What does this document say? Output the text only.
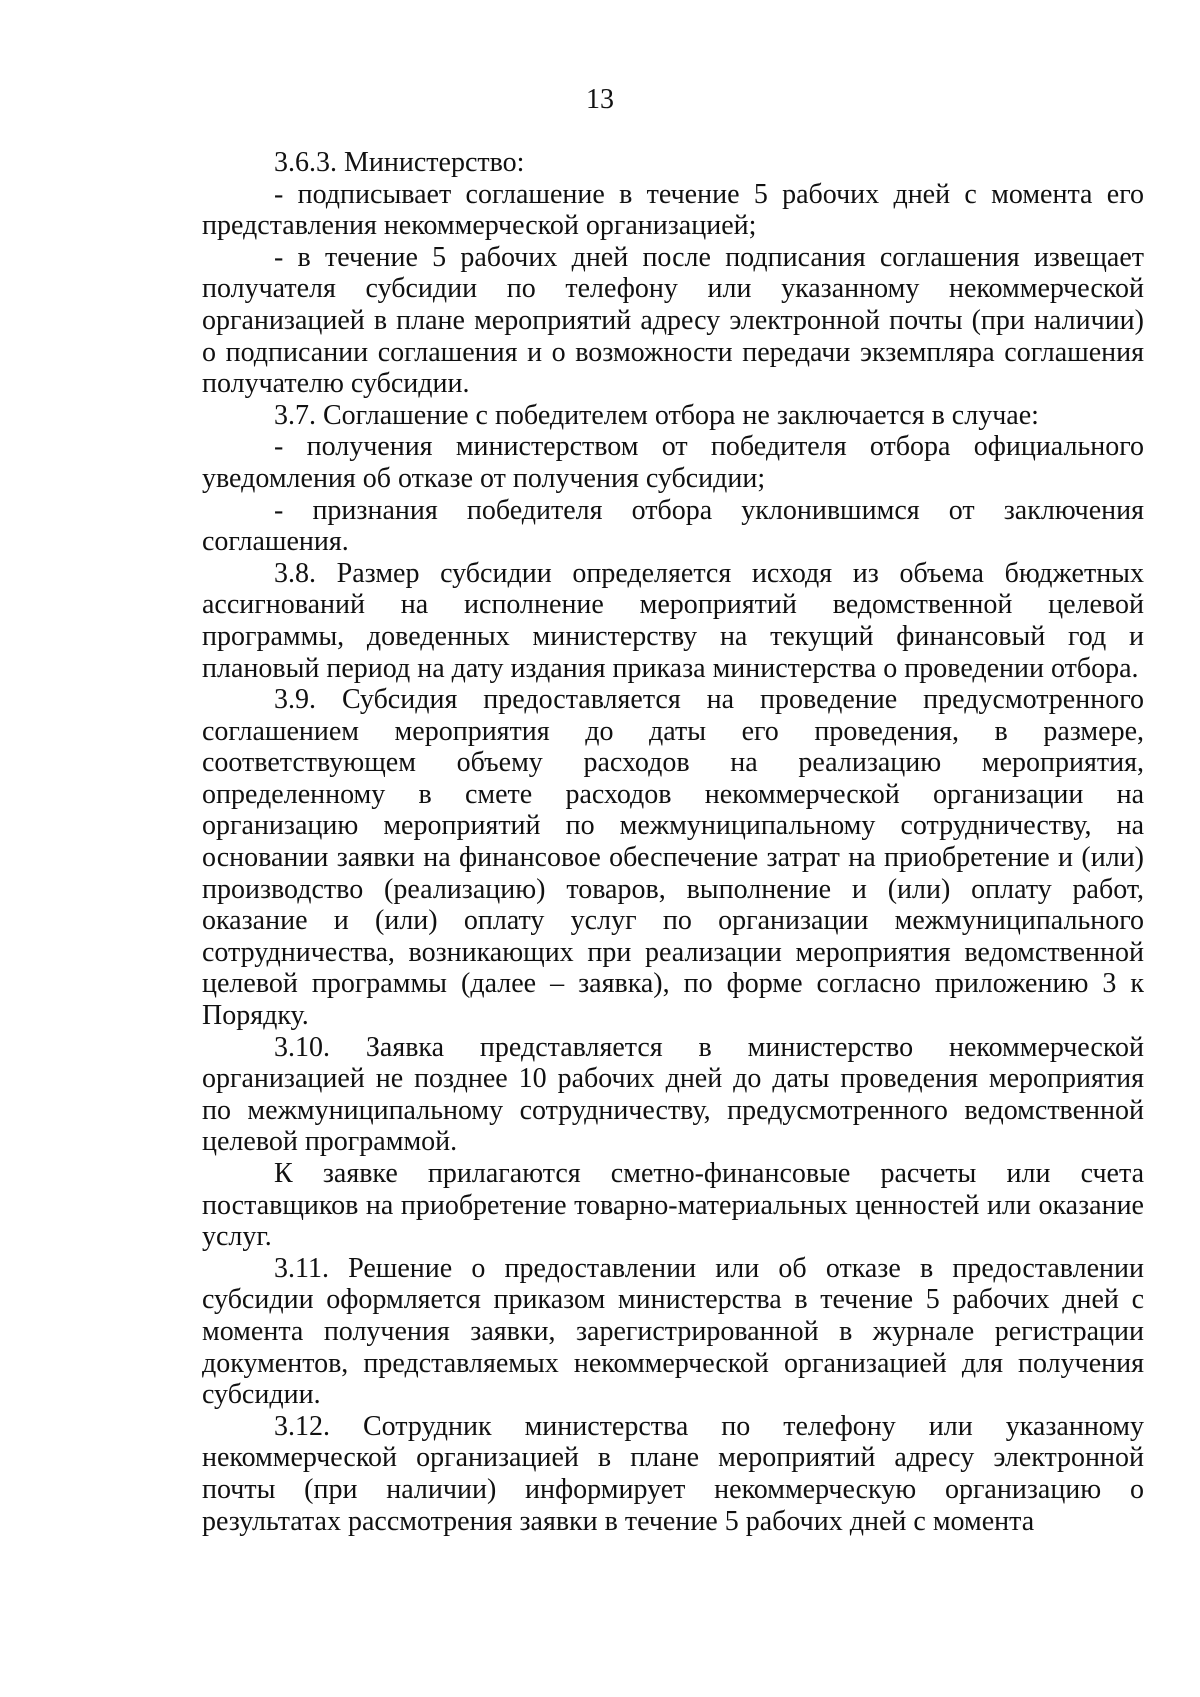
13

3.6.3. Министерство:

- подписывает соглашение в течение 5 рабочих дней с момента его представления некоммерческой организацией;

- в течение 5 рабочих дней после подписания соглашения извещает получателя субсидии по телефону или указанному некоммерческой организацией в плане мероприятий адресу электронной почты (при наличии) о подписании соглашения и о возможности передачи экземпляра соглашения получателю субсидии.

3.7. Соглашение с победителем отбора не заключается в случае:

- получения министерством от победителя отбора официального уведомления об отказе от получения субсидии;

- признания победителя отбора уклонившимся от заключения соглашения.

3.8. Размер субсидии определяется исходя из объема бюджетных ассигнований на исполнение мероприятий ведомственной целевой программы, доведенных министерству на текущий финансовый год и плановый период на дату издания приказа министерства о проведении отбора.

3.9. Субсидия предоставляется на проведение предусмотренного соглашением мероприятия до даты его проведения, в размере, соответствующем объему расходов на реализацию мероприятия, определенному в смете расходов некоммерческой организации на организацию мероприятий по межмуниципальному сотрудничеству, на основании заявки на финансовое обеспечение затрат на приобретение и (или) производство (реализацию) товаров, выполнение и (или) оплату работ, оказание и (или) оплату услуг по организации межмуниципального сотрудничества, возникающих при реализации мероприятия ведомственной целевой программы (далее – заявка), по форме согласно приложению 3 к Порядку.

3.10. Заявка представляется в министерство некоммерческой организацией не позднее 10 рабочих дней до даты проведения мероприятия по межмуниципальному сотрудничеству, предусмотренного ведомственной целевой программой.

К заявке прилагаются сметно-финансовые расчеты или счета поставщиков на приобретение товарно-материальных ценностей или оказание услуг.

3.11. Решение о предоставлении или об отказе в предоставлении субсидии оформляется приказом министерства в течение 5 рабочих дней с момента получения заявки, зарегистрированной в журнале регистрации документов, представляемых некоммерческой организацией для получения субсидии.

3.12. Сотрудник министерства по телефону или указанному некоммерческой организацией в плане мероприятий адресу электронной почты (при наличии) информирует некоммерческую организацию о результатах рассмотрения заявки в течение 5 рабочих дней с момента
